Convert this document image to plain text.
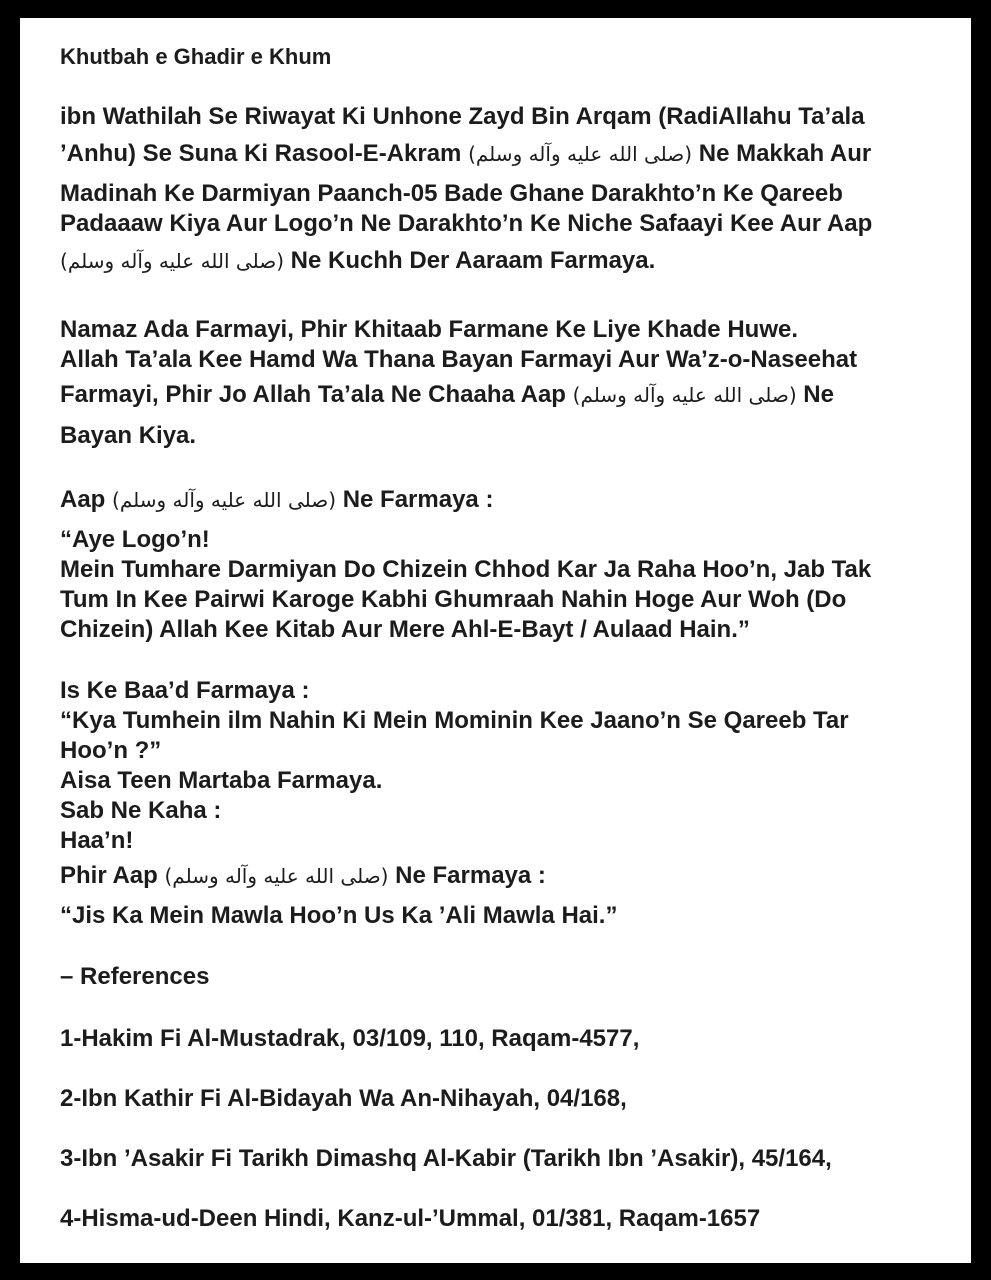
Khutbah e Ghadir e Khum
ibn Wathilah Se Riwayat Ki Unhone Zayd Bin Arqam (RadiAllahu Ta’ala
’Anhu) Se Suna Ki Rasool-E-Akram (صلى الله عليه وآله وسلم) Ne Makkah Aur
Madinah Ke Darmiyan Paanch-05 Bade Ghane Darakhto’n Ke Qareeb
Padaaaw Kiya Aur Logo’n Ne Darakhto’n Ke Niche Safaayi Kee Aur Aap
(صلى الله عليه وآله وسلم) Ne Kuchh Der Aaraam Farmaya.
Namaz Ada Farmayi, Phir Khitaab Farmane Ke Liye Khade Huwe.
Allah Ta’ala Kee Hamd Wa Thana Bayan Farmayi Aur Wa’z-o-Naseehat
Farmayi, Phir Jo Allah Ta’ala Ne Chaaha Aap (صلى الله عليه وآله وسلم) Ne
Bayan Kiya.
Aap (صلى الله عليه وآله وسلم) Ne Farmaya :
“Aye Logo’n!
Mein Tumhare Darmiyan Do Chizein Chhod Kar Ja Raha Hoo’n, Jab Tak
Tum In Kee Pairwi Karoge Kabhi Ghumraah Nahin Hoge Aur Woh (Do
Chizein) Allah Kee Kitab Aur Mere Ahl-E-Bayt / Aulaad Hain.”
Is Ke Baa’d Farmaya :
“Kya Tumhein ilm Nahin Ki Mein Mominin Kee Jaano’n Se Qareeb Tar
Hoo’n ?”
Aisa Teen Martaba Farmaya.
Sab Ne Kaha :
Haa’n!
Phir Aap (صلى الله عليه وآله وسلم) Ne Farmaya :
“Jis Ka Mein Mawla Hoo’n Us Ka ’Ali Mawla Hai.”
– References
1-Hakim Fi Al-Mustadrak, 03/109, 110, Raqam-4577,
2-Ibn Kathir Fi Al-Bidayah Wa An-Nihayah, 04/168,
3-Ibn ’Asakir Fi Tarikh Dimashq Al-Kabir (Tarikh Ibn ’Asakir), 45/164,
4-Hisma-ud-Deen Hindi, Kanz-ul-’Ummal, 01/381, Raqam-1657
